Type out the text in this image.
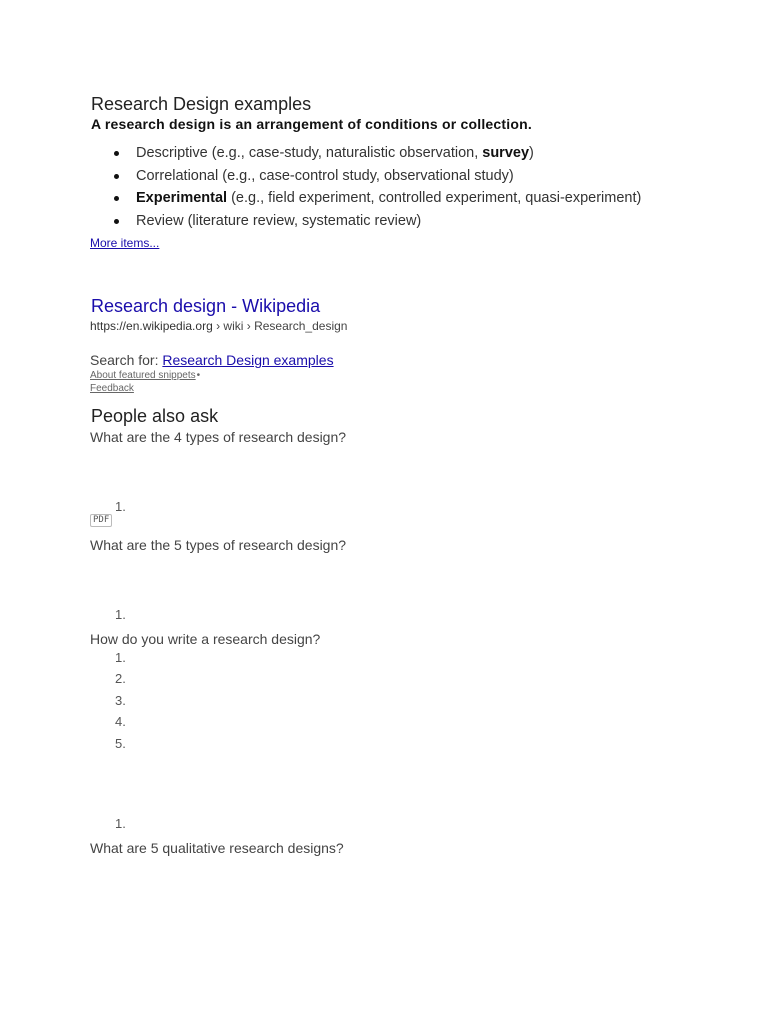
Research Design examples
A research design is an arrangement of conditions or collection.
Descriptive (e.g., case-study, naturalistic observation, survey)
Correlational (e.g., case-control study, observational study)
Experimental (e.g., field experiment, controlled experiment, quasi-experiment)
Review (literature review, systematic review)
More items...
Research design - Wikipedia
https://en.wikipedia.org › wiki › Research_design
Search for: Research Design examples
About featured snippets•
Feedback
People also ask
What are the 4 types of research design?
1.
PDF
What are the 5 types of research design?
1.
How do you write a research design?
1.
2.
3.
4.
5.
1.
What are 5 qualitative research designs?
